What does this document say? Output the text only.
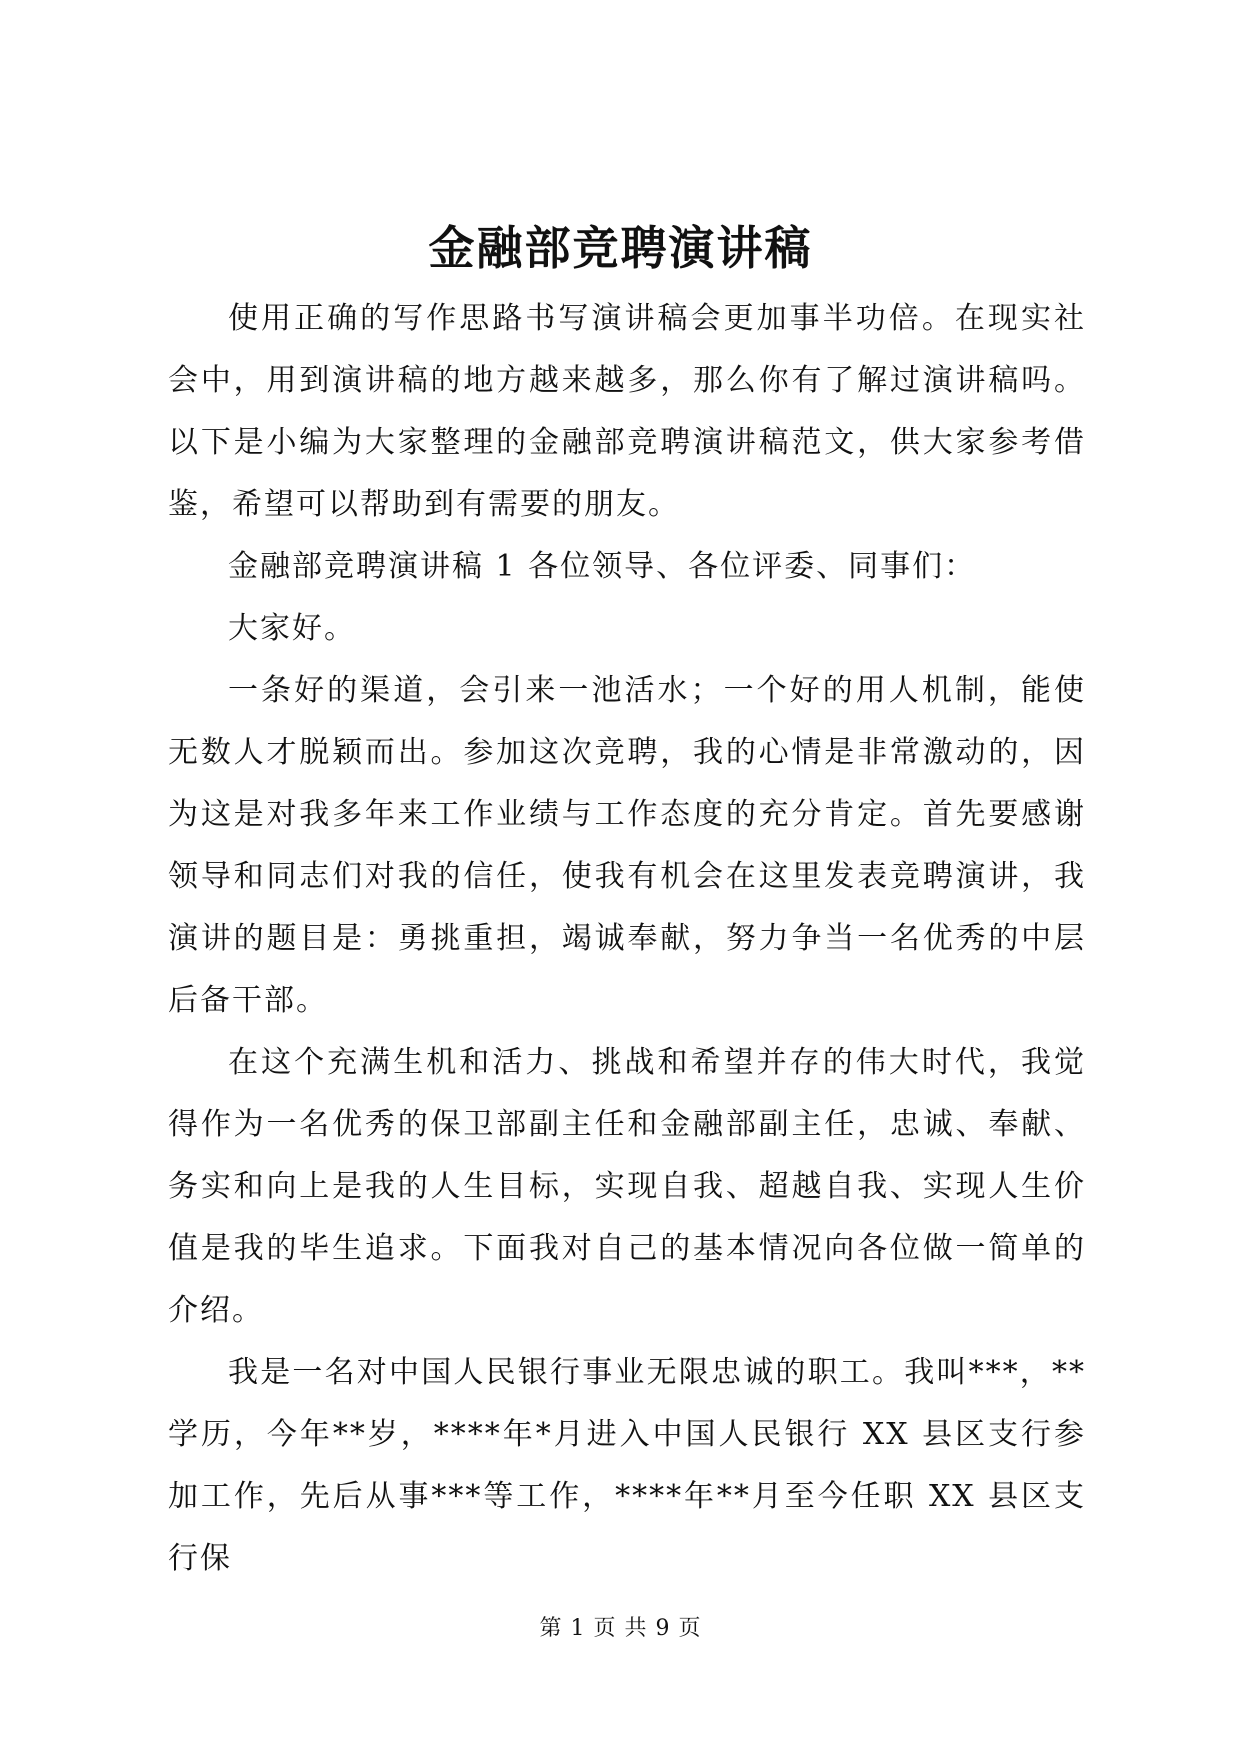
金融部竞聘演讲稿

使用正确的写作思路书写演讲稿会更加事半功倍。在现实社会中，用到演讲稿的地方越来越多，那么你有了解过演讲稿吗。以下是小编为大家整理的金融部竞聘演讲稿范文，供大家参考借鉴，希望可以帮助到有需要的朋友。

金融部竞聘演讲稿 1 各位领导、各位评委、同事们：

大家好。

一条好的渠道，会引来一池活水；一个好的用人机制，能使无数人才脱颖而出。参加这次竞聘，我的心情是非常激动的，因为这是对我多年来工作业绩与工作态度的充分肯定。首先要感谢领导和同志们对我的信任，使我有机会在这里发表竞聘演讲，我演讲的题目是：勇挑重担，竭诚奉献，努力争当一名优秀的中层后备干部。

在这个充满生机和活力、挑战和希望并存的伟大时代，我觉得作为一名优秀的保卫部副主任和金融部副主任，忠诚、奉献、务实和向上是我的人生目标，实现自我、超越自我、实现人生价值是我的毕生追求。下面我对自己的基本情况向各位做一简单的介绍。

我是一名对中国人民银行事业无限忠诚的职工。我叫***，**学历，今年**岁，****年*月进入中国人民银行 XX 县区支行参加工作，先后从事***等工作，****年**月至今任职 XX 县区支行保

第 1 页 共 9 页
